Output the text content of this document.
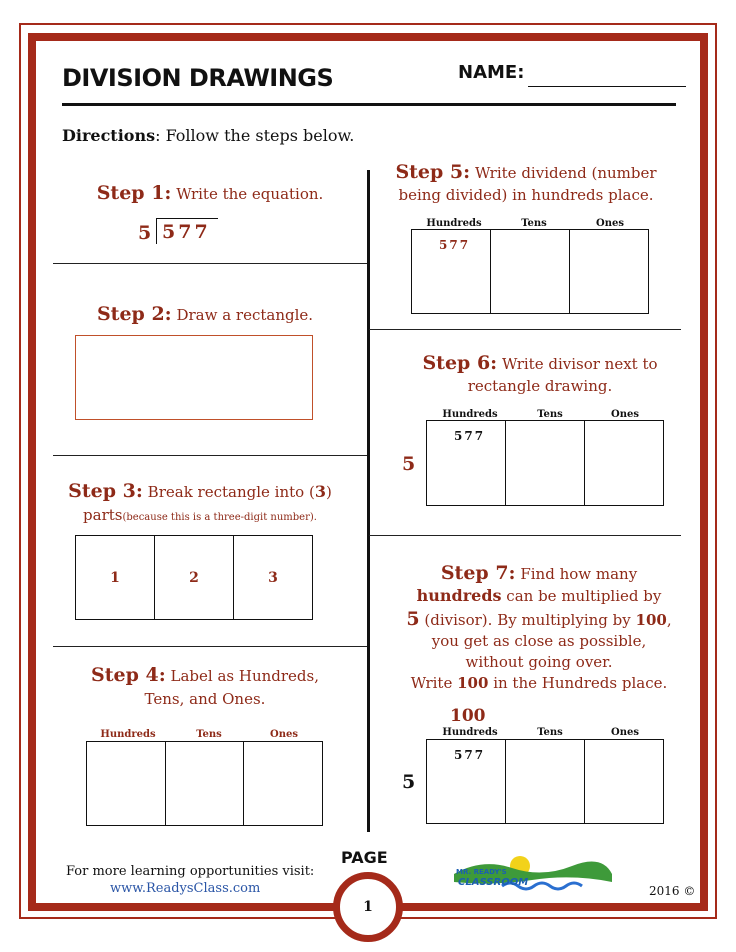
DIVISION DRAWINGS	NAME:
Directions: Follow the steps below.
Step 1: Write the equation.
5 577
Step 2: Draw a rectangle.
Step 3: Break rectangle into (3)
parts(because this is a three-digit number).
1	2	3
Step 4: Label as Hundreds,
Tens, and Ones.
Hundreds	Tens	Ones
Step 5: Write dividend (number
being divided) in hundreds place.
Hundreds	Tens	Ones
577
Step 6: Write divisor next to
rectangle drawing.
Hundreds	Tens	Ones
5
577
Step 7: Find how many
hundreds can be multiplied by
5 (divisor). By multiplying by 100,
you get as close as possible,
without going over.
Write 100 in the Hundreds place.
100
Hundreds	Tens	Ones
5
577
For more learning opportunities visit:
www.ReadysClass.com
PAGE
1
MR. READY'S
CLASSROOM
2016 ©
